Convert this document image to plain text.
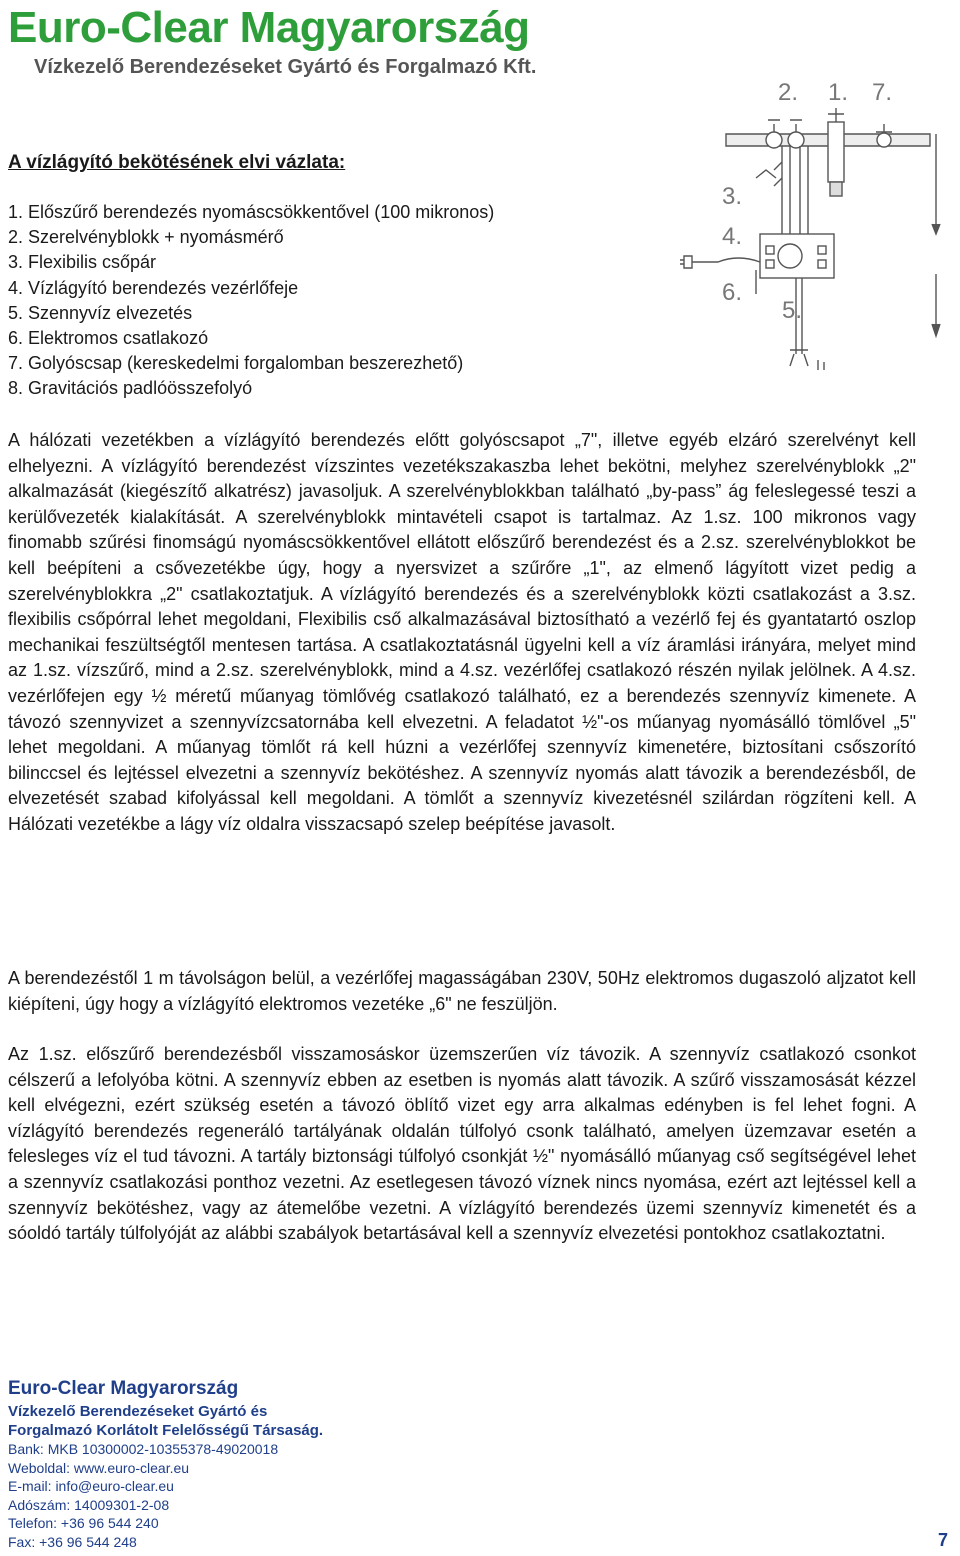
Euro-Clear Magyarország
Vízkezelő Berendezéseket Gyártó és Forgalmazó Kft.
2. 1. 7.
3.
4.
6.
5.
A vízlágyító bekötésének elvi vázlata:
1. Előszűrő berendezés nyomáscsökkentővel (100 mikronos)
2. Szerelvényblokk + nyomásmérő
3. Flexibilis csőpár
4. Vízlágyító berendezés vezérlőfeje
5. Szennyvíz elvezetés
6. Elektromos csatlakozó
7. Golyóscsap (kereskedelmi forgalomban beszerezhető)
8. Gravitációs padlóösszefolyó

A hálózati vezetékben a vízlágyító berendezés előtt golyóscsapot „7", illetve egyéb elzáró szerelvényt kell elhelyezni. A vízlágyító berendezést vízszintes vezetékszakaszba lehet bekötni, melyhez szerelvényblokk „2" alkalmazását (kiegészítő alkatrész) javasoljuk. A szerelvényblokkban található „by-pass” ág feleslegessé teszi a kerülővezeték kialakítását. A szerelvényblokk mintavételi csapot is tartalmaz. Az 1.sz. 100 mikronos vagy finomabb szűrési finomságú nyomáscsökkentővel ellátott előszűrő berendezést és a 2.sz. szerelvényblokkot be kell beépíteni a csővezetékbe úgy, hogy a nyersvizet a szűrőre „1", az elmenő lágyított vizet pedig a szerelvényblokkra „2" csatlakoztatjuk. A vízlágyító berendezés és a szerelvényblokk közti csatlakozást a 3.sz. flexibilis csőpórral lehet megoldani, Flexibilis cső alkalmazásával biztosítható a vezérlő fej és gyantatartó oszlop mechanikai feszültségtől mentesen tartása. A csatlakoztatásnál ügyelni kell a víz áramlási irányára, melyet mind az 1.sz. vízszűrő, mind a 2.sz. szerelvényblokk, mind a 4.sz. vezérlőfej csatlakozó részén nyilak jelölnek. A 4.sz. vezérlőfejen egy ½ méretű műanyag tömlővég csatlakozó található, ez a berendezés szennyvíz kimenete. A távozó szennyvizet a szennyvízcsatornába kell elvezetni. A feladatot ½"-os műanyag nyomásálló tömlővel „5" lehet megoldani. A műanyag tömlőt rá kell húzni a vezérlőfej szennyvíz kimenetére, biztosítani csőszorító bilinccsel és lejtéssel elvezetni a szennyvíz bekötéshez. A szennyvíz nyomás alatt távozik a berendezésből, de elvezetését szabad kifolyással kell megoldani. A tömlőt a szennyvíz kivezetésnél szilárdan rögzíteni kell. A Hálózati vezetékbe a lágy víz oldalra visszacsapó szelep beépítése javasolt.

A berendezéstől 1 m távolságon belül, a vezérlőfej magasságában 230V, 50Hz elektromos dugaszoló aljzatot kell kiépíteni, úgy hogy a vízlágyító elektromos vezetéke „6" ne feszüljön.

Az 1.sz. előszűrő berendezésből visszamosáskor üzemszerűen víz távozik. A szennyvíz csatlakozó csonkot célszerű a lefolyóba kötni. A szennyvíz ebben az esetben is nyomás alatt távozik. A szűrő visszamosását kézzel kell elvégezni, ezért szükség esetén a távozó öblítő vizet egy arra alkalmas edényben is fel lehet fogni. A vízlágyító berendezés regeneráló tartályának oldalán túlfolyó csonk található, amelyen üzemzavar esetén a felesleges víz el tud távozni. A tartály biztonsági túlfolyó csonkját ½" nyomásálló műanyag cső segítségével lehet a szennyvíz csatlakozási ponthoz vezetni. Az esetlegesen távozó víznek nincs nyomása, ezért azt lejtéssel kell a szennyvíz bekötéshez, vagy az átemelőbe vezetni. A vízlágyító berendezés üzemi szennyvíz kimenetét és a sóoldó tartály túlfolyóját az alábbi szabályok betartásával kell a szennyvíz elvezetési pontokhoz csatlakoztatni.

Euro-Clear Magyarország
Vízkezelő Berendezéseket Gyártó és
Forgalmazó Korlátolt Felelősségű Társaság.
Bank: MKB 10300002-10355378-49020018
Weboldal: www.euro-clear.eu
E-mail: info@euro-clear.eu
Adószám: 14009301-2-08
Telefon: +36 96 544 240
Fax: +36 96 544 248	7
